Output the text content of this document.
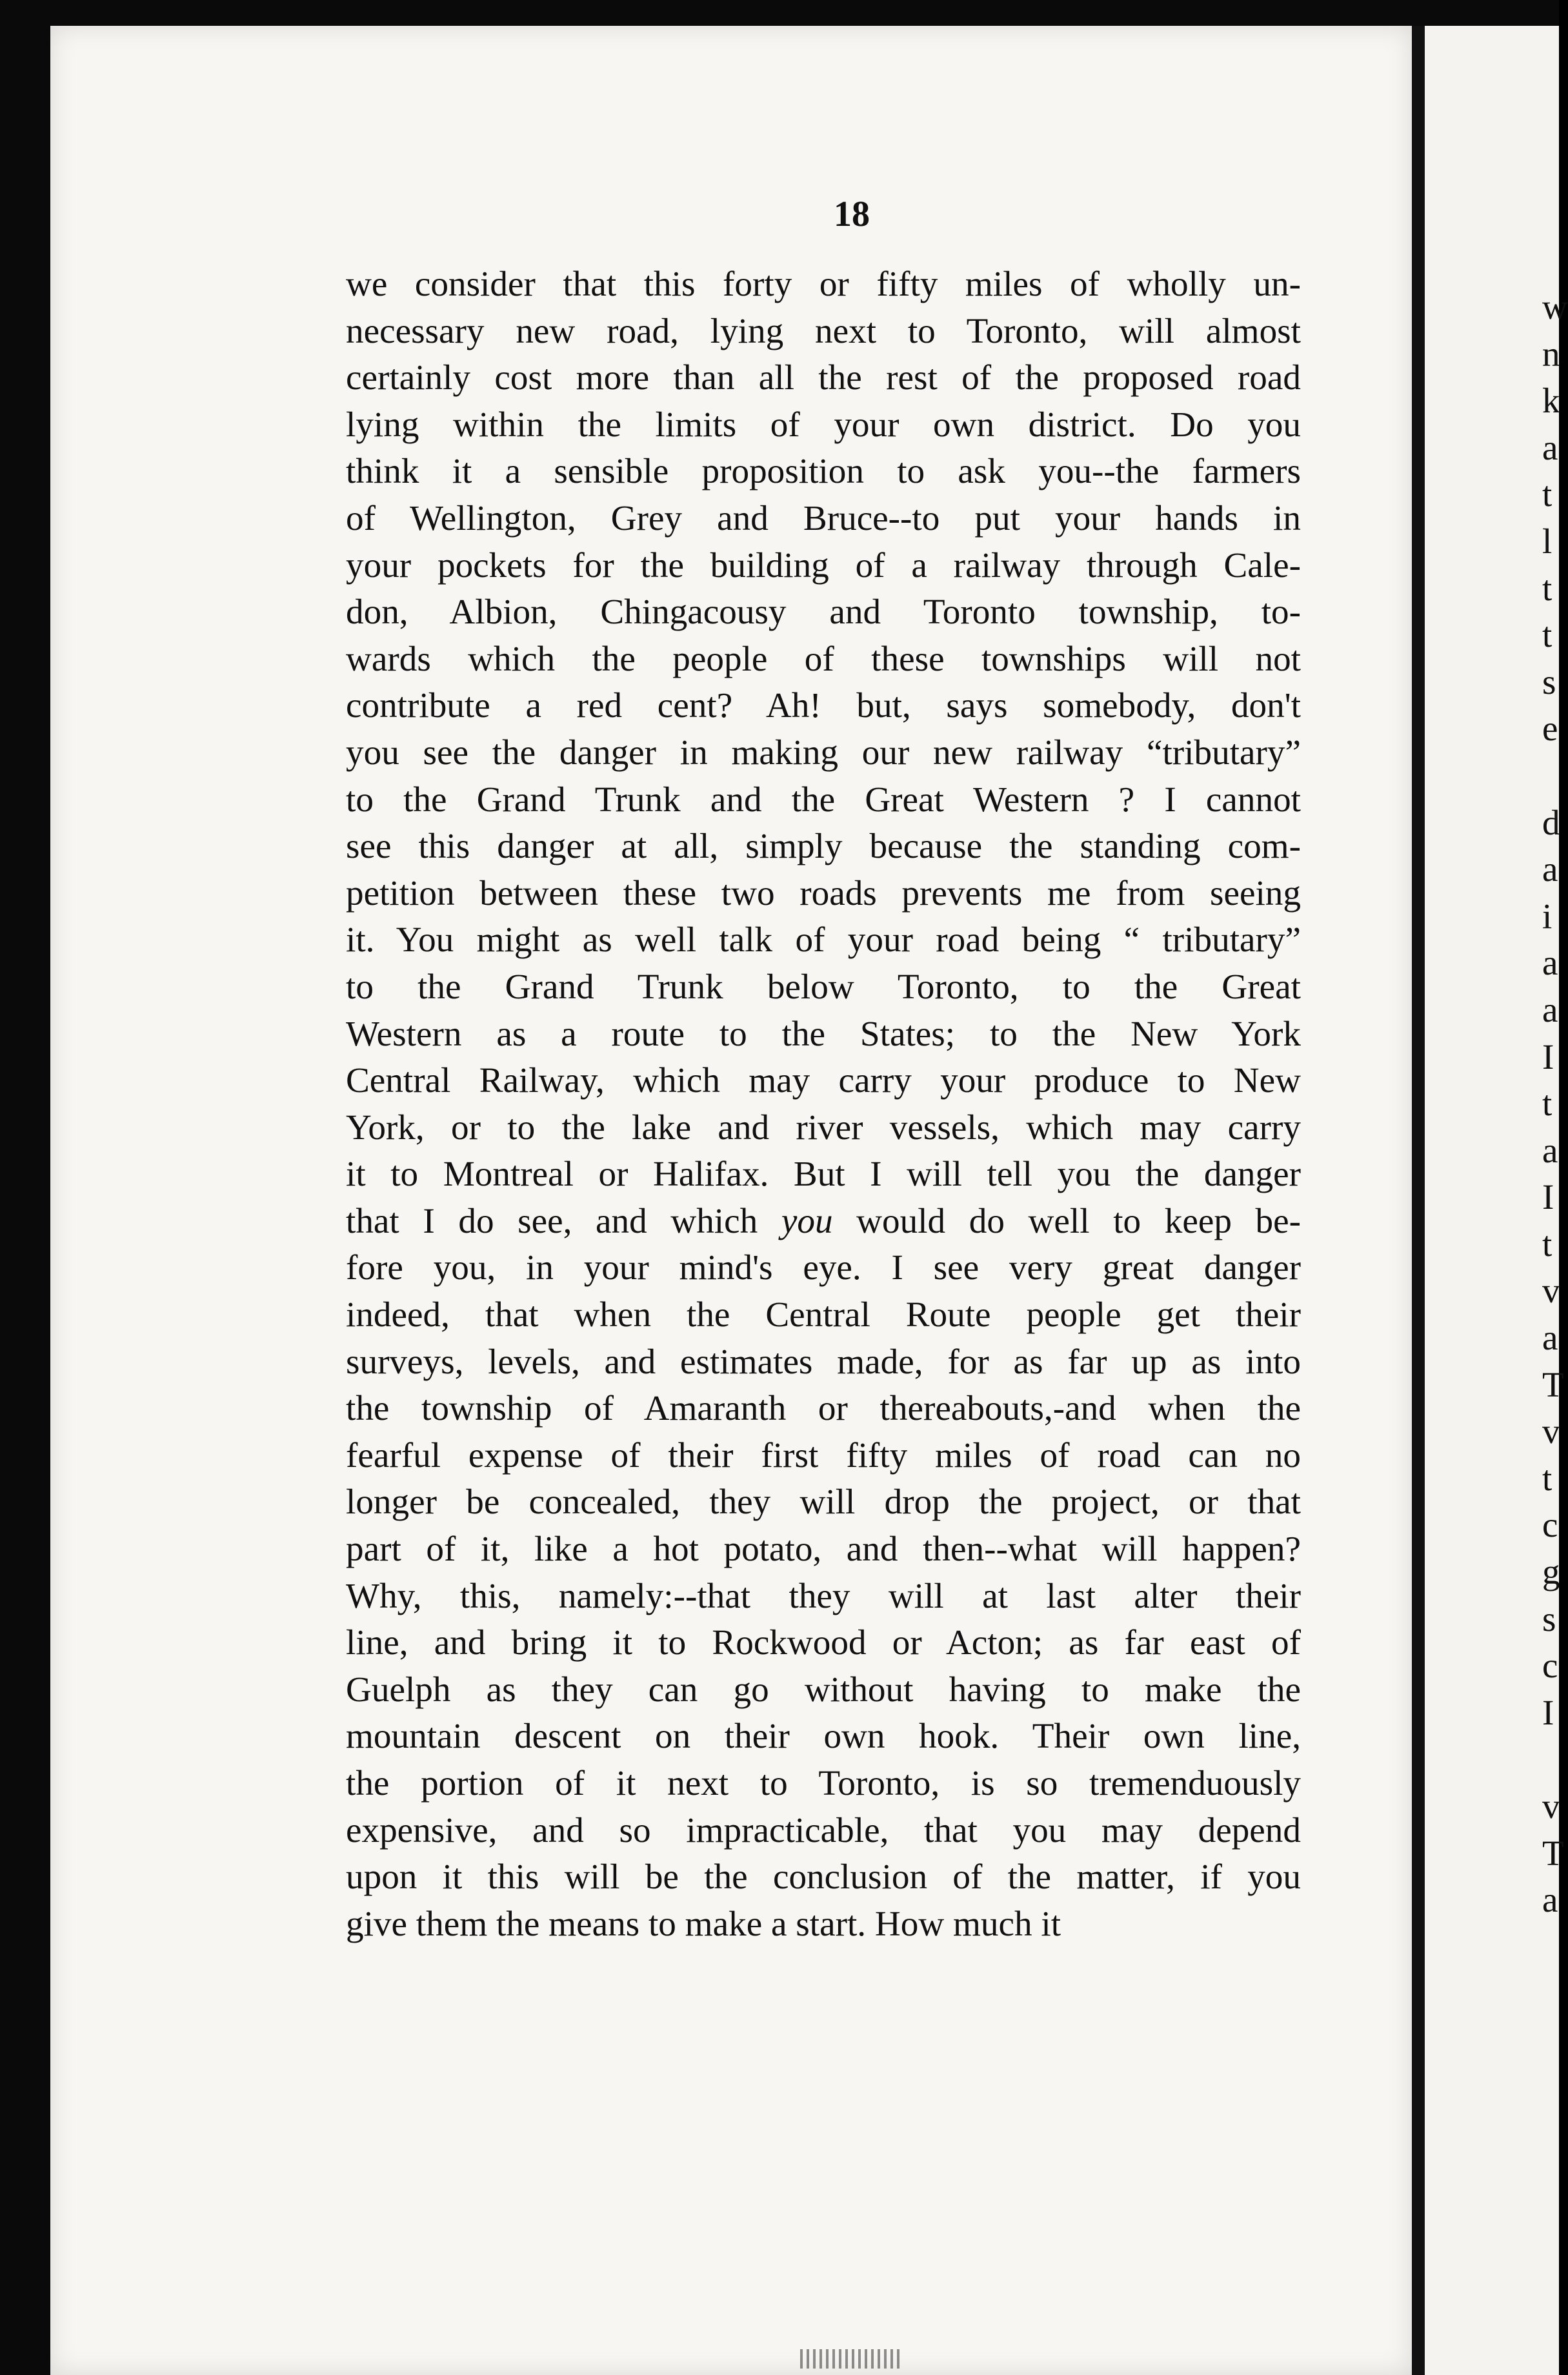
18
we consider that this forty or fifty miles of wholly un-
necessary new road, lying next to Toronto, will almost
certainly cost more than all the rest of the proposed road
lying within the limits of your own district. Do you
think it a sensible proposition to ask you--the farmers
of Wellington, Grey and Bruce--to put your hands in
your pockets for the building of a railway through Cale-
don, Albion, Chingacousy and Toronto township, to-
wards which the people of these townships will not
contribute a red cent? Ah! but, says somebody, don't
you see the danger in making our new railway “tributary”
to the Grand Trunk and the Great Western ? I cannot
see this danger at all, simply because the standing com-
petition between these two roads prevents me from seeing
it. You might as well talk of your road being “ tributary”
to the Grand Trunk below Toronto, to the Great
Western as a route to the States; to the New York
Central Railway, which may carry your produce to New
York, or to the lake and river vessels, which may carry
it to Montreal or Halifax. But I will tell you the danger
that I do see, and which you would do well to keep be-
fore you, in your mind's eye. I see very great danger
indeed, that when the Central Route people get their
surveys, levels, and estimates made, for as far up as into
the township of Amaranth or thereabouts,-and when the
fearful expense of their first fifty miles of road can no
longer be concealed, they will drop the project, or that
part of it, like a hot potato, and then--what will happen?
Why, this, namely:--that they will at last alter their
line, and bring it to Rockwood or Acton; as far east of
Guelph as they can go without having to make the
mountain descent on their own hook. Their own line,
the portion of it next to Toronto, is so tremenduously
expensive, and so impracticable, that you may depend
upon it this will be the conclusion of the matter, if you
give them the means to make a start. How much it
w
n
k
a
t
l
t
t
s
e
d
a
i
a
a
I
t
a
I
t
v
a
T
v
t
c
g
s
c
I
v
T
a
